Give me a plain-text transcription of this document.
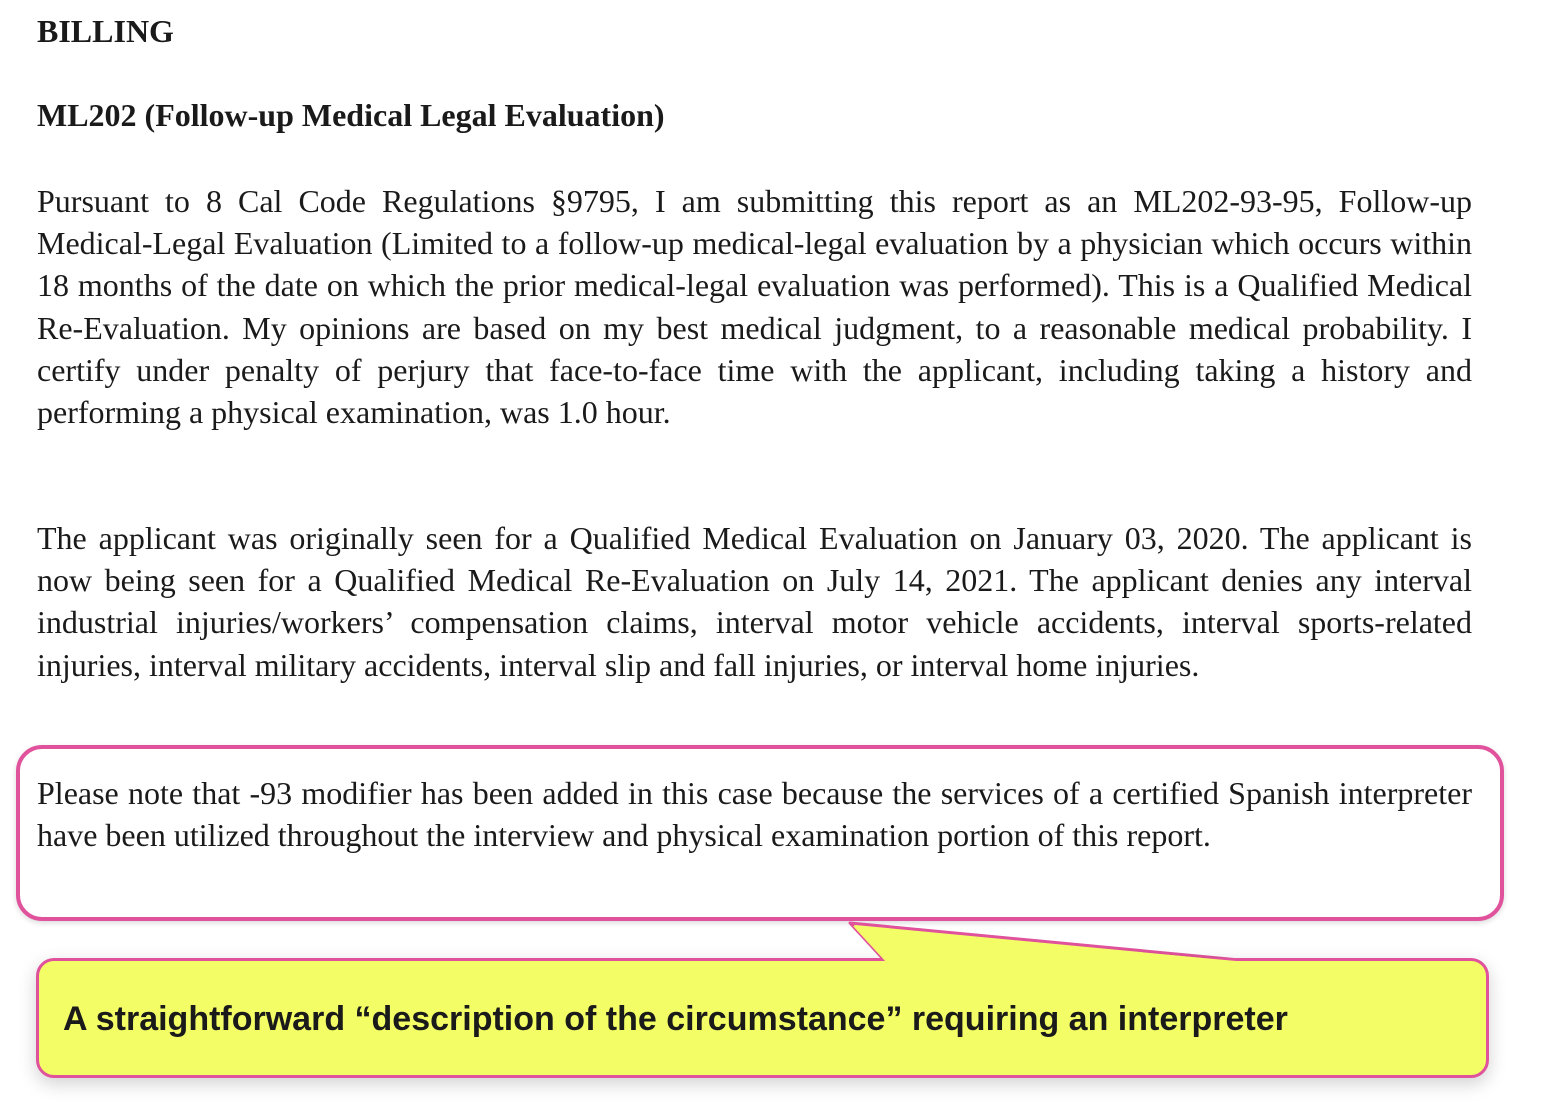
BILLING
ML202 (Follow-up Medical Legal Evaluation)

Pursuant to 8 Cal Code Regulations §9795, I am submitting this report as an ML202-93-95, Follow-up Medical-Legal Evaluation (Limited to a follow-up medical-legal evaluation by a physician which occurs within 18 months of the date on which the prior medical-legal evaluation was performed). This is a Qualified Medical Re-Evaluation. My opinions are based on my best medical judgment, to a reasonable medical probability. I certify under penalty of perjury that face-to-face time with the applicant, including taking a history and performing a physical examination, was 1.0 hour.

The applicant was originally seen for a Qualified Medical Evaluation on January 03, 2020. The applicant is now being seen for a Qualified Medical Re-Evaluation on July 14, 2021. The applicant denies any interval industrial injuries/workers’ compensation claims, interval motor vehicle accidents, interval sports-related injuries, interval military accidents, interval slip and fall injuries, or interval home injuries.

Please note that -93 modifier has been added in this case because the services of a certified Spanish interpreter have been utilized throughout the interview and physical examination portion of this report.

A straightforward “description of the circumstance” requiring an interpreter
